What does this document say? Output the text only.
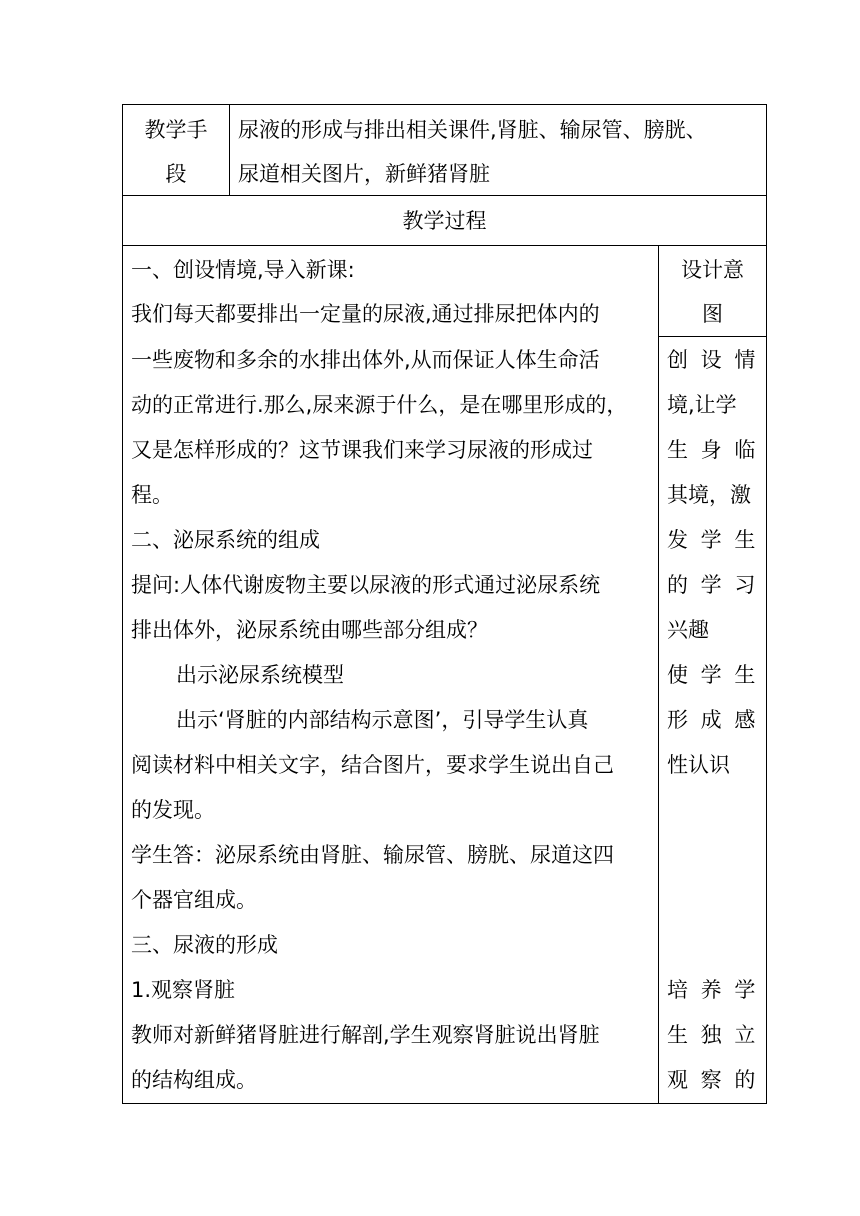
教学手
段
尿液的形成与排出相关课件,肾脏、输尿管、膀胱、
尿道相关图片，新鲜猪肾脏
教学过程
设计意
图
一、创设情境,导入新课:
我们每天都要排出一定量的尿液,通过排尿把体内的
一些废物和多余的水排出体外,从而保证人体生命活
动的正常进行.那么,尿来源于什么，是在哪里形成的，
又是怎样形成的？这节课我们来学习尿液的形成过
程。
二、泌尿系统的组成
提问:人体代谢废物主要以尿液的形式通过泌尿系统
排出体外，泌尿系统由哪些部分组成？
出示泌尿系统模型
出示‘肾脏的内部结构示意图’，引导学生认真
阅读材料中相关文字，结合图片，要求学生说出自己
的发现。
学生答：泌尿系统由肾脏、输尿管、膀胱、尿道这四
个器官组成。
三、尿液的形成
1.观察肾脏
教师对新鲜猪肾脏进行解剖,学生观察肾脏说出肾脏
的结构组成。
创 设 情
境,让学
生 身 临
其境，激
发 学 生
的 学 习
兴趣
使 学 生
形 成 感
性认识
培 养 学
生 独 立
观 察 的
